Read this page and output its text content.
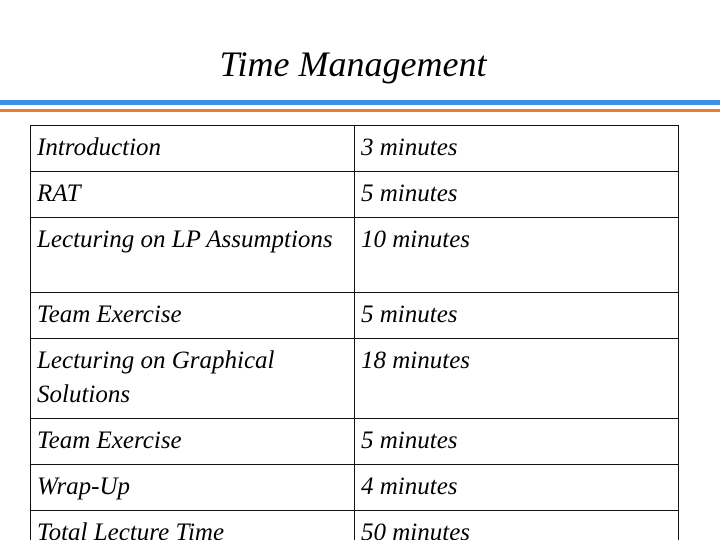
Time Management
Introduction	3 minutes
RAT	5 minutes
Lecturing on LP Assumptions	10 minutes
Team Exercise	5 minutes
Lecturing on Graphical Solutions	18 minutes
Team Exercise	5 minutes
Wrap-Up	4 minutes
Total Lecture Time	50 minutes
